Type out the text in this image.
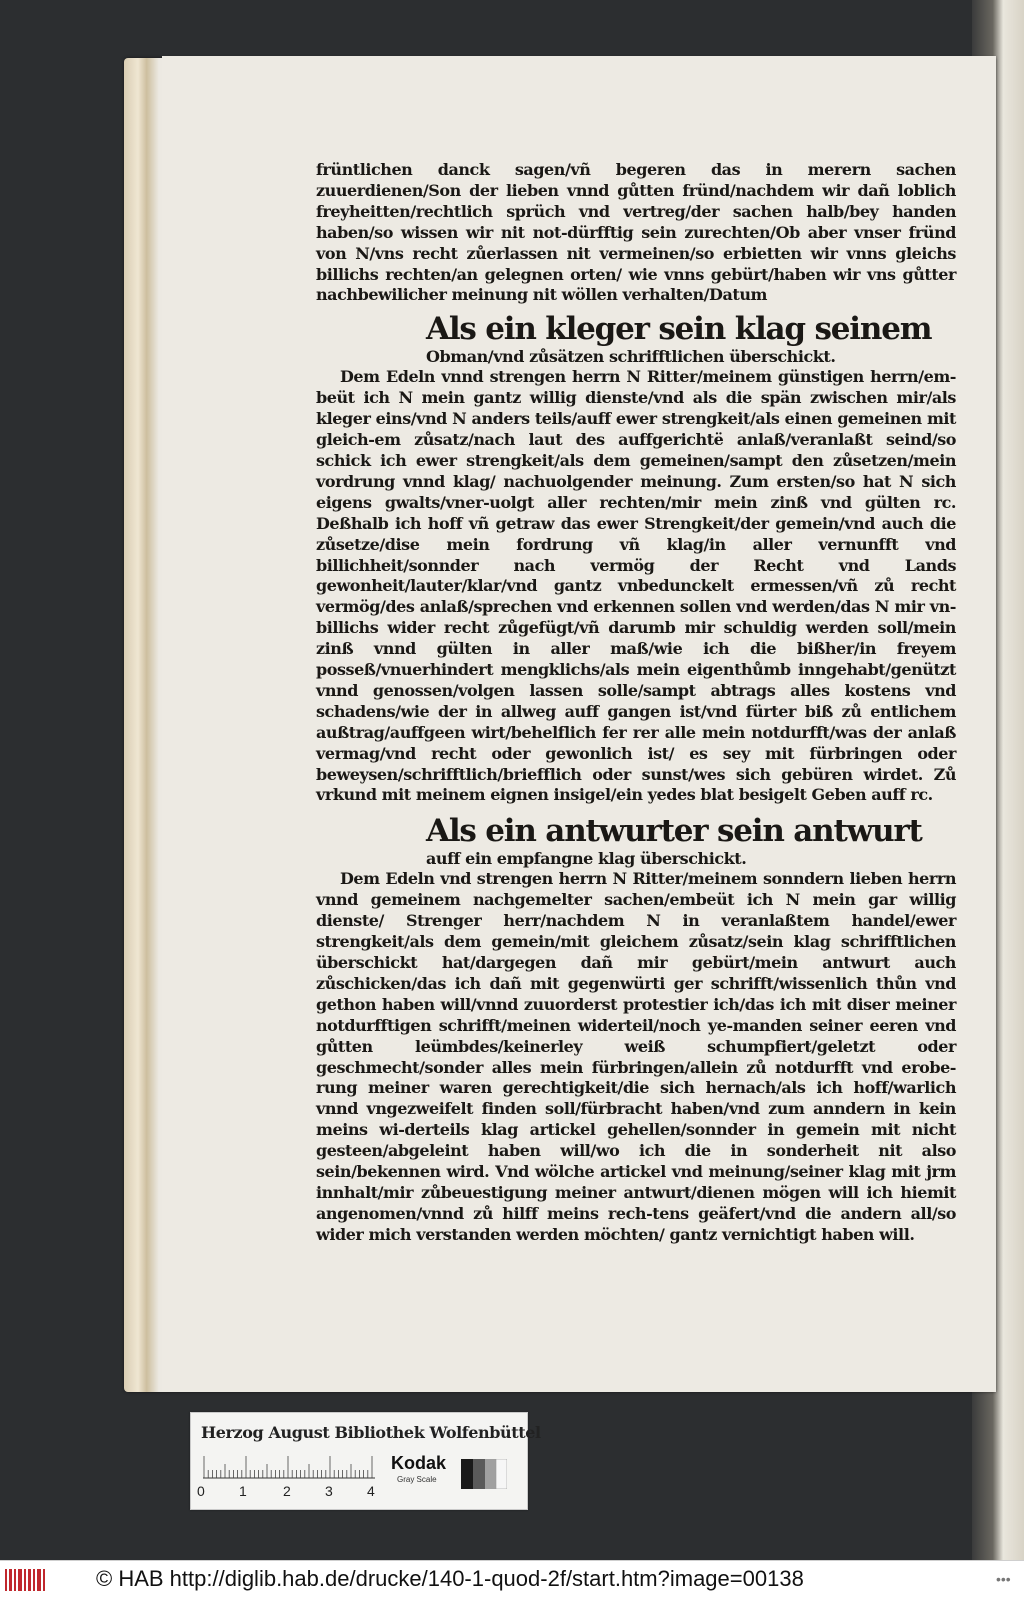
früntlichen danck sagen/vñ begeren das in merern sachen zuuerdienen/Son der lieben vnnd gůtten fründ/nachdem wir dañ loblich freyheitten/rechtlich sprüch vnd vertreg/der sachen halb/bey handen haben/so wissen wir nit not-dürfftig sein zurechten/Ob aber vnser fründ von N/vns recht zůerlassen nit vermeinen/so erbietten wir vnns gleichs billichs rechten/an gelegnen orten/ wie vnns gebürt/haben wir vns gůtter nachbewilicher meinung nit wöllen verhalten/Datum

Als ein kleger sein klag seinem
Obman/vnd zůsätzen schrifftlichen überschickt.

Dem Edeln vnnd strengen herrn N Ritter/meinem günstigen herrn/em-beüt ich N mein gantz willig dienste/vnd als die spän zwischen mir/als kleger eins/vnd N anders teils/auff ewer strengkeit/als einen gemeinen mit gleich-em zůsatz/nach laut des auffgerichtë anlaß/veranlaßt seind/so schick ich ewer strengkeit/als dem gemeinen/sampt den zůsetzen/mein vordrung vnnd klag/ nachuolgender meinung. Zum ersten/so hat N sich eigens gwalts/vner-uolgt aller rechten/mir mein zinß vnd gülten rc. Deßhalb ich hoff vñ getraw das ewer Strengkeit/der gemein/vnd auch die zůsetze/dise mein fordrung vñ klag/in aller vernunfft vnd billichheit/sonnder nach vermög der Recht vnd Lands gewonheit/lauter/klar/vnd gantz vnbedunckelt ermessen/vñ zů recht vermög/des anlaß/sprechen vnd erkennen sollen vnd werden/das N mir vn-billichs wider recht zůgefügt/vñ darumb mir schuldig werden soll/mein zinß vnnd gülten in aller maß/wie ich die bißher/in freyem posseß/vnuerhindert mengklichs/als mein eigenthůmb inngehabt/genützt vnnd genossen/volgen lassen solle/sampt abtrags alles kostens vnd schadens/wie der in allweg auff gangen ist/vnd fürter biß zů entlichem außtrag/auffgeen wirt/behelflich fer rer alle mein notdurfft/was der anlaß vermag/vnd recht oder gewonlich ist/ es sey mit fürbringen oder beweysen/schrifftlich/briefflich oder sunst/wes sich gebüren wirdet. Zů vrkund mit meinem eignen insigel/ein yedes blat besigelt Geben auff rc.

Als ein antwurter sein antwurt
auff ein empfangne klag überschickt.

Dem Edeln vnd strengen herrn N Ritter/meinem sonndern lieben herrn vnnd gemeinem nachgemelter sachen/embeüt ich N mein gar willig dienste/ Strenger herr/nachdem N in veranlaßtem handel/ewer strengkeit/als dem gemein/mit gleichem zůsatz/sein klag schrifftlichen überschickt hat/dargegen dañ mir gebürt/mein antwurt auch zůschicken/das ich dañ mit gegenwürti ger schrifft/wissenlich thůn vnd gethon haben will/vnnd zuuorderst protestier ich/das ich mit diser meiner notdurfftigen schrifft/meinen widerteil/noch ye-manden seiner eeren vnd gůtten leümbdes/keinerley weiß schumpfiert/geletzt oder geschmecht/sonder alles mein fürbringen/allein zů notdurfft vnd erobe-rung meiner waren gerechtigkeit/die sich hernach/als ich hoff/warlich vnnd vngezweifelt finden soll/fürbracht haben/vnd zum anndern in kein meins wi-derteils klag artickel gehellen/sonnder in gemein mit nicht gesteen/abgeleint haben will/wo ich die in sonderheit nit also sein/bekennen wird. Vnd wölche artickel vnd meinung/seiner klag mit jrm innhalt/mir zůbeuestigung meiner antwurt/dienen mögen will ich hiemit angenomen/vnnd zů hilff meins rech-tens geäfert/vnd die andern all/so wider mich verstanden werden möchten/ gantz vernichtigt haben will.

Herzog August Bibliothek Wolfenbüttel
0 1	2 3 4
Kodak
Gray Scale
© HAB http://diglib.hab.de/drucke/140-1-quod-2f/start.htm?image=00138	•••
